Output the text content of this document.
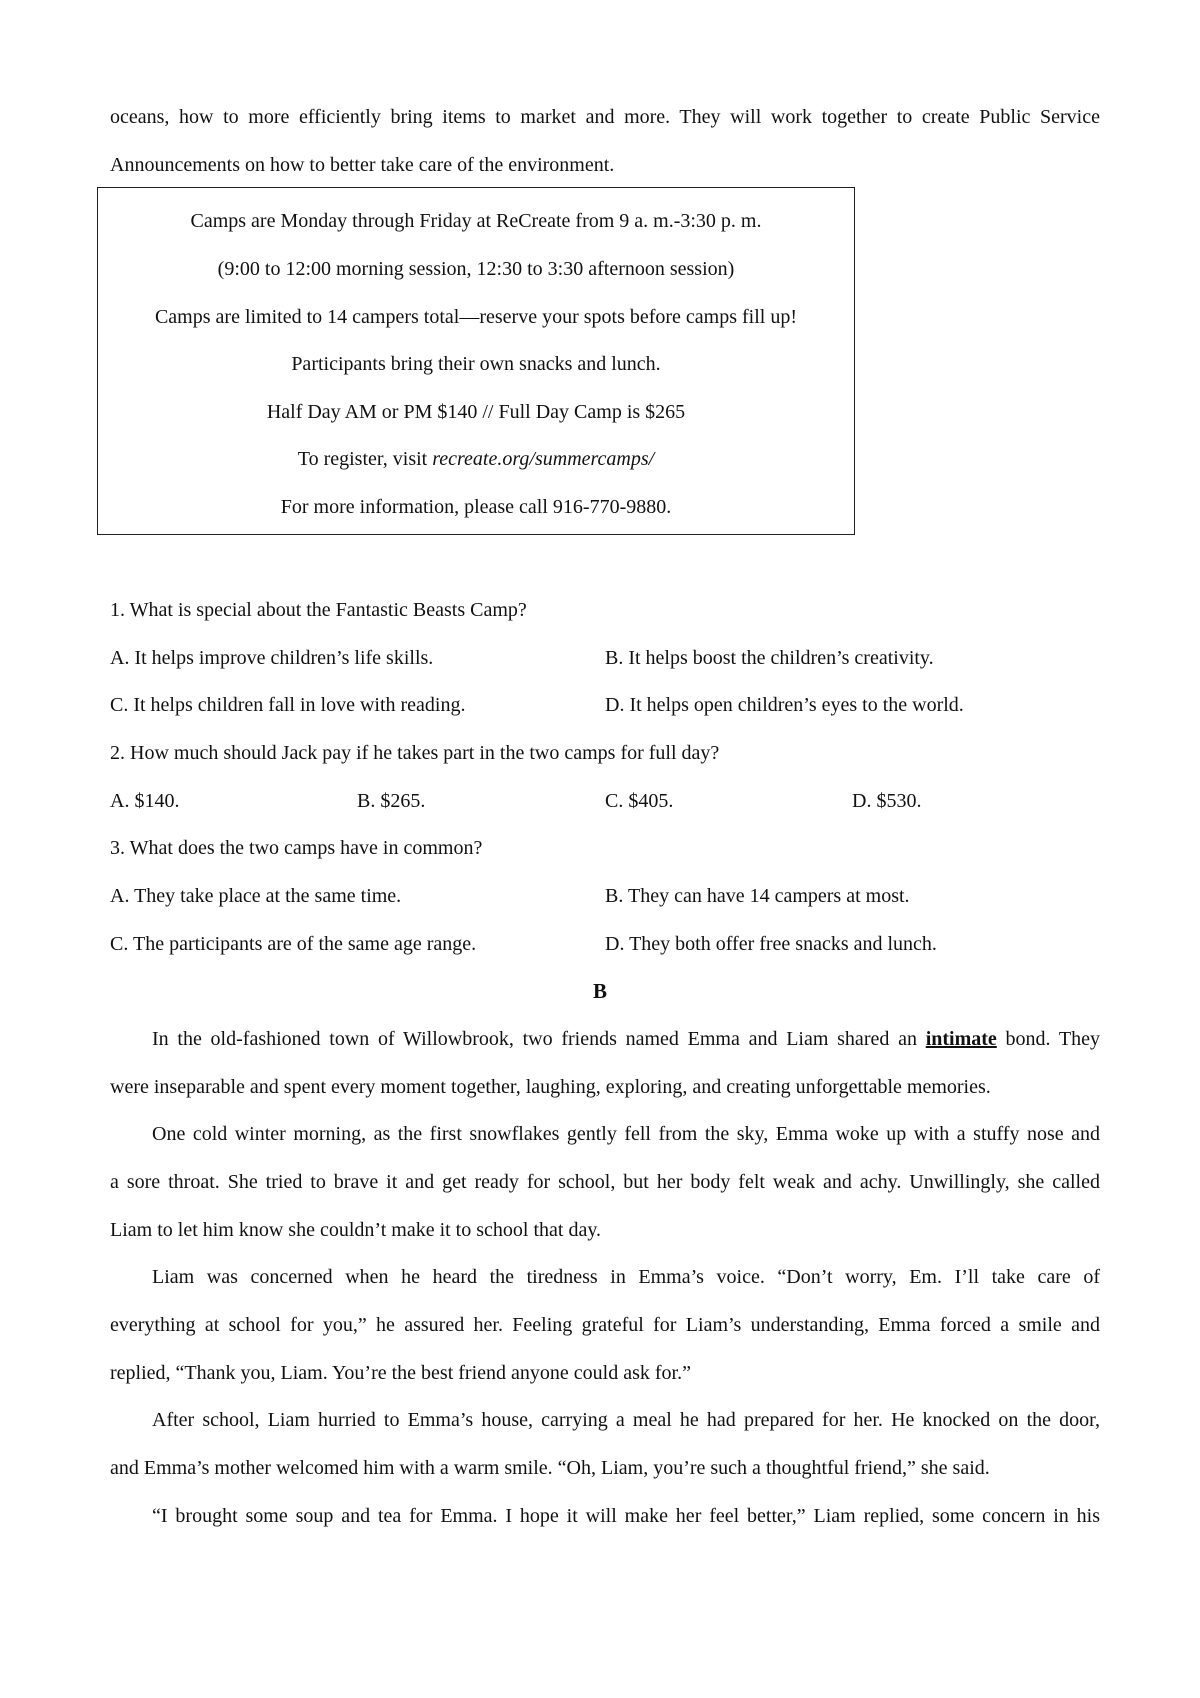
oceans, how to more efficiently bring items to market and more. They will work together to create Public Service
Announcements on how to better take care of the environment.
Camps are Monday through Friday at ReCreate from 9 a. m.-3:30 p. m.
(9:00 to 12:00 morning session, 12:30 to 3:30 afternoon session)
Camps are limited to 14 campers total—reserve your spots before camps fill up!
Participants bring their own snacks and lunch.
Half Day AM or PM $140 // Full Day Camp is $265
To register, visit recreate.org/summercamps/
For more information, please call 916-770-9880.
1. What is special about the Fantastic Beasts Camp?
A. It helps improve children’s life skills.	B. It helps boost the children’s creativity.
C. It helps children fall in love with reading.	D. It helps open children’s eyes to the world.
2. How much should Jack pay if he takes part in the two camps for full day?
A. $140.	B. $265.	C. $405.	D. $530.
3. What does the two camps have in common?
A. They take place at the same time.	B. They can have 14 campers at most.
C. The participants are of the same age range.	D. They both offer free snacks and lunch.
B
In the old-fashioned town of Willowbrook, two friends named Emma and Liam shared an intimate bond. They
were inseparable and spent every moment together, laughing, exploring, and creating unforgettable memories.
One cold winter morning, as the first snowflakes gently fell from the sky, Emma woke up with a stuffy nose and
a sore throat. She tried to brave it and get ready for school, but her body felt weak and achy. Unwillingly, she called
Liam to let him know she couldn’t make it to school that day.
Liam was concerned when he heard the tiredness in Emma’s voice. “Don’t worry, Em. I’ll take care of
everything at school for you,” he assured her. Feeling grateful for Liam’s understanding, Emma forced a smile and
replied, “Thank you, Liam. You’re the best friend anyone could ask for.”
After school, Liam hurried to Emma’s house, carrying a meal he had prepared for her. He knocked on the door,
and Emma’s mother welcomed him with a warm smile. “Oh, Liam, you’re such a thoughtful friend,” she said.
“I brought some soup and tea for Emma. I hope it will make her feel better,” Liam replied, some concern in his
